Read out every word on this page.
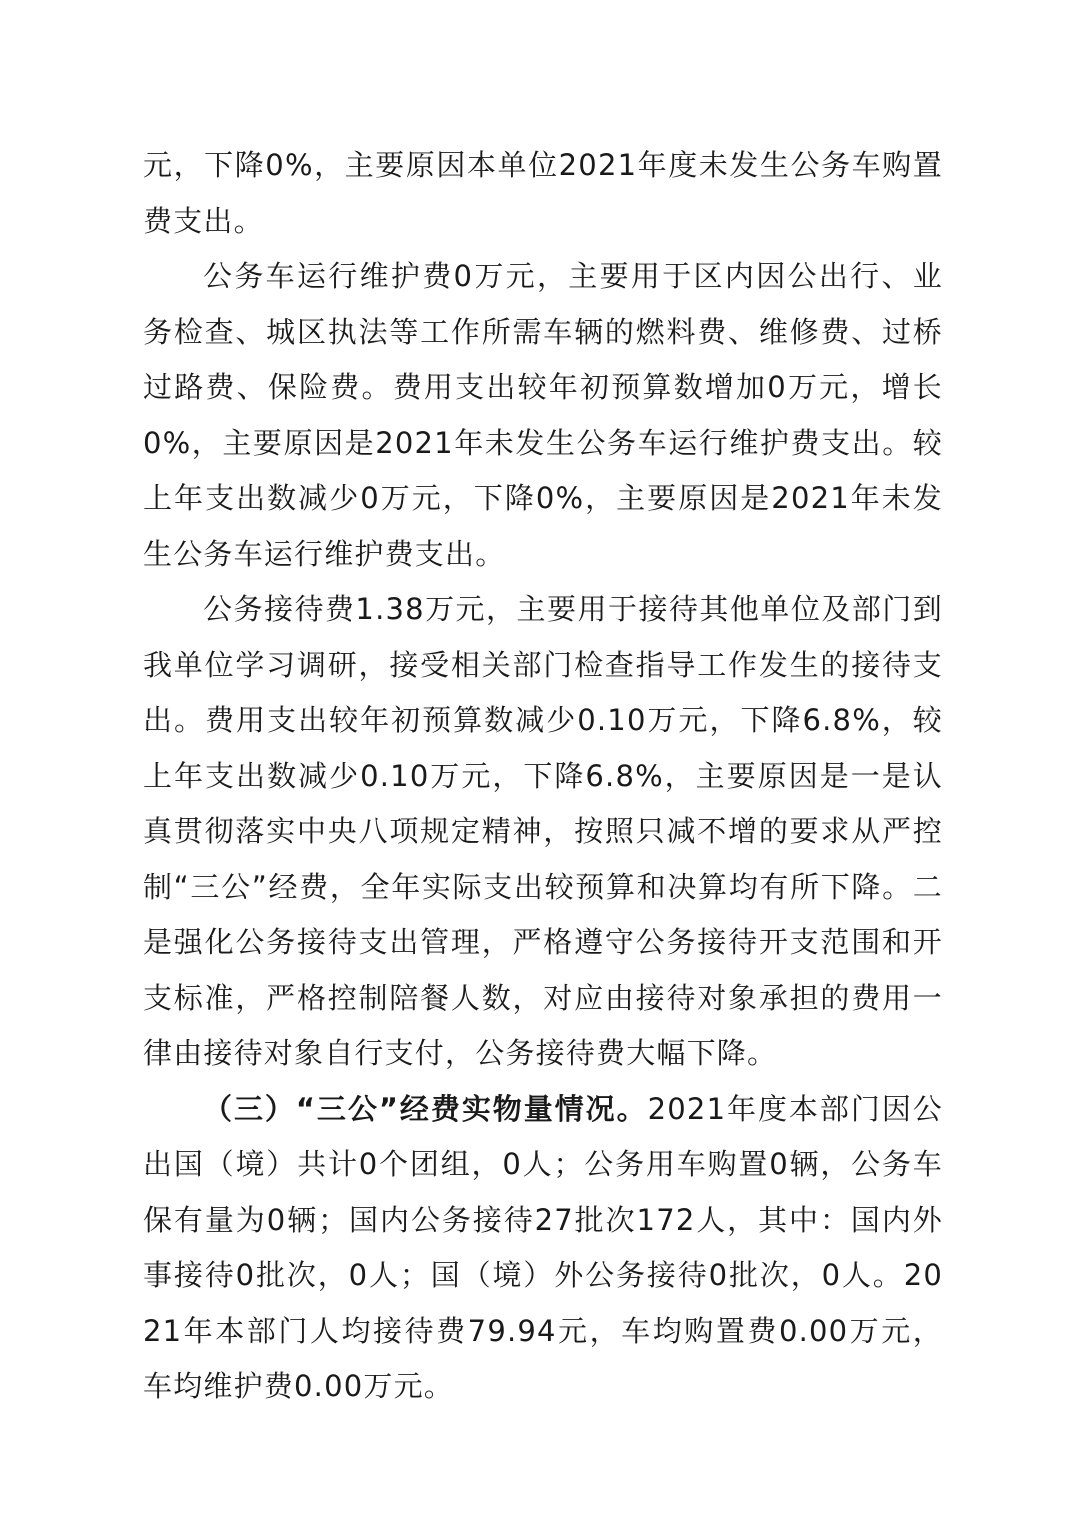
元，下降0%，主要原因本单位2021年度未发生公务车购置费支出。

公务车运行维护费0万元，主要用于区内因公出行、业务检查、城区执法等工作所需车辆的燃料费、维修费、过桥过路费、保险费。费用支出较年初预算数增加0万元，增长0%，主要原因是2021年未发生公务车运行维护费支出。较上年支出数减少0万元，下降0%，主要原因是2021年未发生公务车运行维护费支出。

公务接待费1.38万元，主要用于接待其他单位及部门到我单位学习调研，接受相关部门检查指导工作发生的接待支出。费用支出较年初预算数减少0.10万元，下降6.8%，较上年支出数减少0.10万元，下降6.8%，主要原因是一是认真贯彻落实中央八项规定精神，按照只减不增的要求从严控制“三公”经费，全年实际支出较预算和决算均有所下降。二是强化公务接待支出管理，严格遵守公务接待开支范围和开支标准，严格控制陪餐人数，对应由接待对象承担的费用一律由接待对象自行支付，公务接待费大幅下降。

（三）“三公”经费实物量情况。2021年度本部门因公出国（境）共计0个团组，0人；公务用车购置0辆，公务车保有量为0辆；国内公务接待27批次172人，其中：国内外事接待0批次，0人；国（境）外公务接待0批次，0人。2021年本部门人均接待费79.94元，车均购置费0.00万元，车均维护费0.00万元。
